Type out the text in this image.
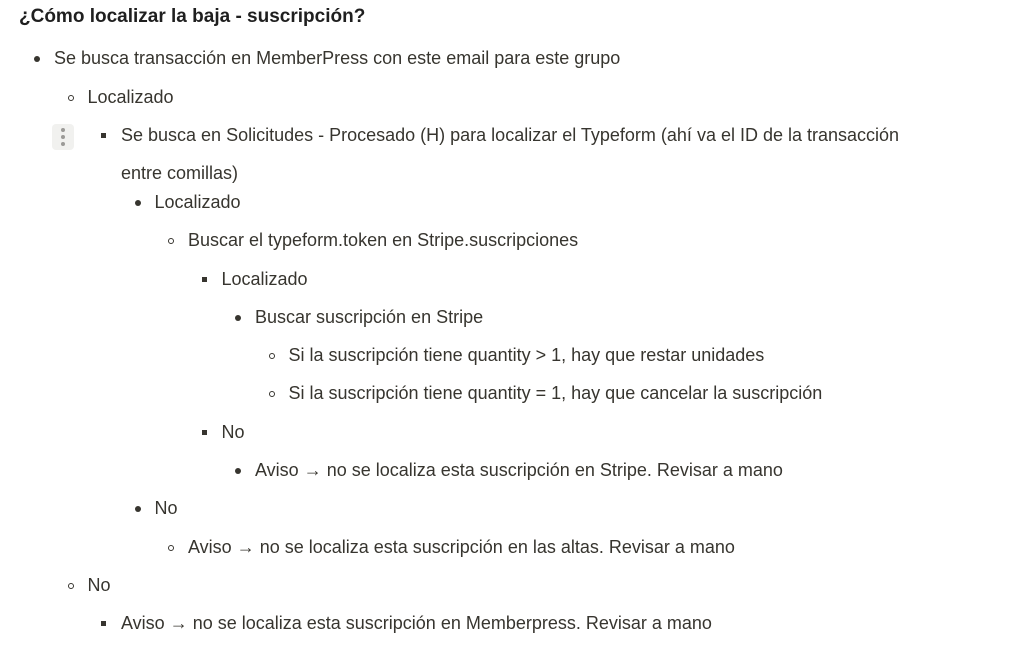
¿Cómo localizar la baja - suscripción?
Se busca transacción en MemberPress con este email para este grupo
Localizado
Se busca en Solicitudes - Procesado (H) para localizar el Typeform (ahí va el ID de la transacción
entre comillas)
Localizado
Buscar el typeform.token en Stripe.suscripciones
Localizado
Buscar suscripción en Stripe
Si la suscripción tiene quantity > 1, hay que restar unidades
Si la suscripción tiene quantity = 1, hay que cancelar la suscripción
No
Aviso → no se localiza esta suscripción en Stripe. Revisar a mano
No
Aviso → no se localiza esta suscripción en las altas. Revisar a mano
No
Aviso → no se localiza esta suscripción en Memberpress. Revisar a mano
